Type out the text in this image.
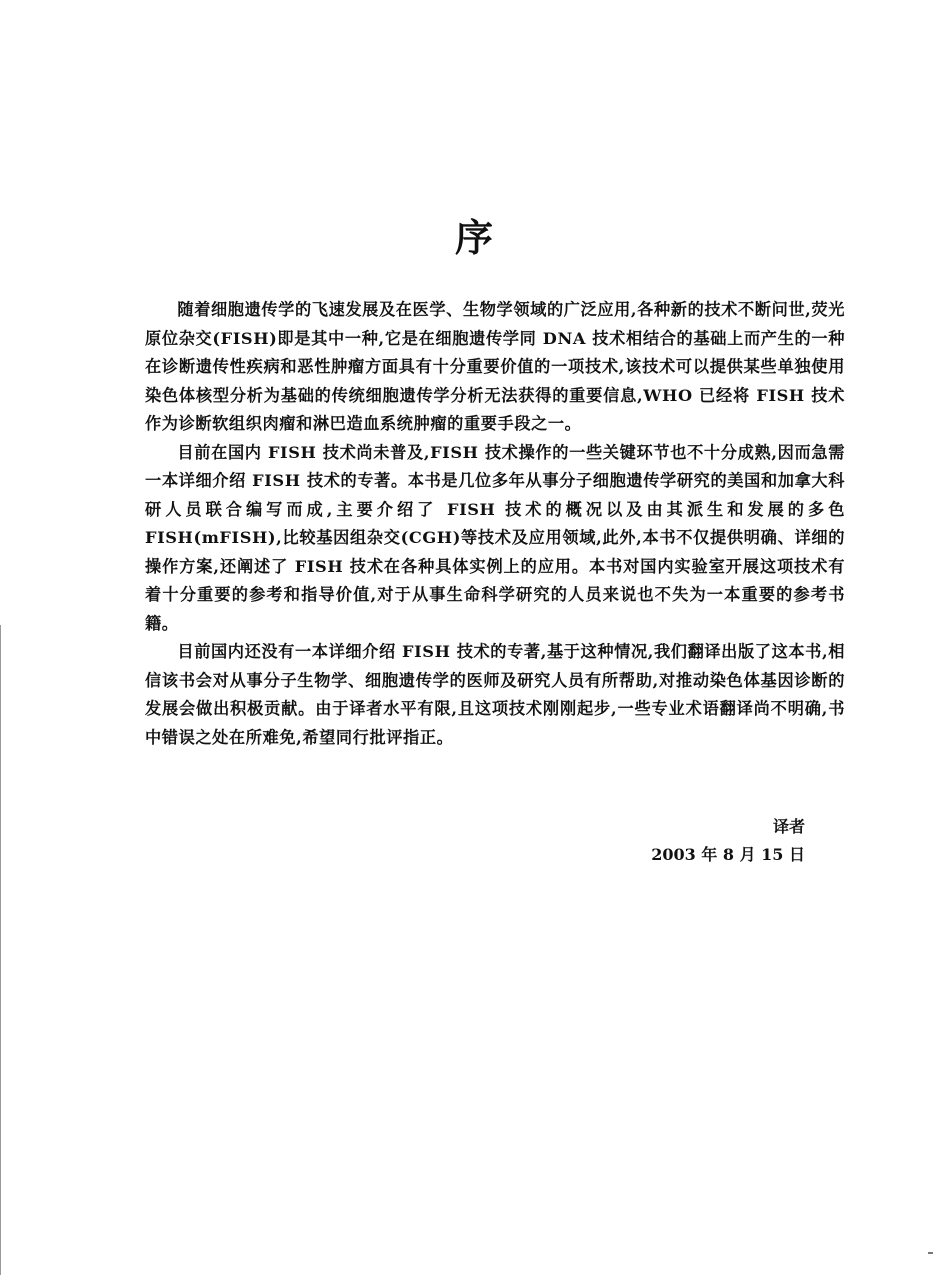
序

随着细胞遗传学的飞速发展及在医学、生物学领域的广泛应用,各种新的技术不断问世,荧光原位杂交(FISH)即是其中一种,它是在细胞遗传学同 DNA 技术相结合的基础上而产生的一种在诊断遗传性疾病和恶性肿瘤方面具有十分重要价值的一项技术,该技术可以提供某些单独使用染色体核型分析为基础的传统细胞遗传学分析无法获得的重要信息,WHO 已经将 FISH 技术作为诊断软组织肉瘤和淋巴造血系统肿瘤的重要手段之一。

目前在国内 FISH 技术尚未普及,FISH 技术操作的一些关键环节也不十分成熟,因而急需一本详细介绍 FISH 技术的专著。本书是几位多年从事分子细胞遗传学研究的美国和加拿大科研人员联合编写而成,主要介绍了 FISH 技术的概况以及由其派生和发展的多色 FISH(mFISH),比较基因组杂交(CGH)等技术及应用领域,此外,本书不仅提供明确、详细的操作方案,还阐述了 FISH 技术在各种具体实例上的应用。本书对国内实验室开展这项技术有着十分重要的参考和指导价值,对于从事生命科学研究的人员来说也不失为一本重要的参考书籍。

目前国内还没有一本详细介绍 FISH 技术的专著,基于这种情况,我们翻译出版了这本书,相信该书会对从事分子生物学、细胞遗传学的医师及研究人员有所帮助,对推动染色体基因诊断的发展会做出积极贡献。由于译者水平有限,且这项技术刚刚起步,一些专业术语翻译尚不明确,书中错误之处在所难免,希望同行批评指正。

译者
2003 年 8 月 15 日
